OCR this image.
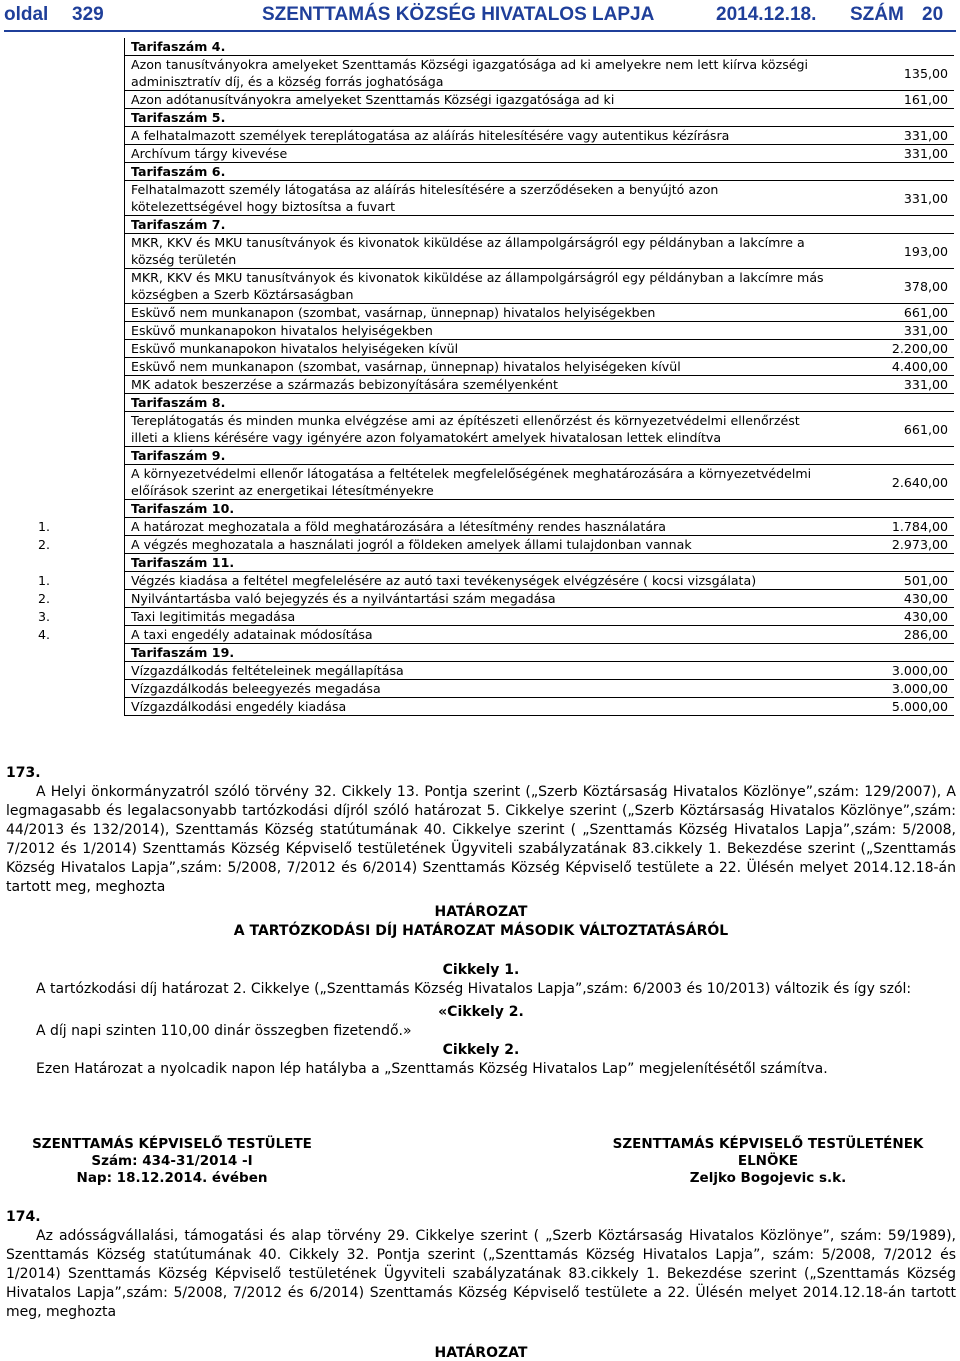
oldal 329	SZENTTAMÁS KÖZSÉG HIVATALOS LAPJA	2014.12.18. SZÁM 20
	Tarifaszám 4.	
	Azon tanusítványokra amelyeket Szenttamás Községi igazgatósága ad ki amelyekre nem lett kiírva községi adminisztratív díj, és a község forrás joghatósága	135,00
	Azon adótanusítványokra amelyeket Szenttamás Községi igazgatósága ad ki	161,00
	Tarifaszám 5.	
	A felhatalmazott személyek tereplátogatása az aláírás hitelesítésére vagy autentikus kézírásra	331,00
	Archívum tárgy kivevése	331,00
	Tarifaszám 6.	
	Felhatalmazott személy látogatása az aláírás hitelesítésére a szerződéseken a benyújtó azon kötelezettségével hogy biztosítsa a fuvart	331,00
	Tarifaszám 7.	
	MKR, KKV és MKU tanusítványok és kivonatok kiküldése az állampolgárságról egy példányban a lakcímre a község területén	193,00
	MKR, KKV és MKU tanusítványok és kivonatok kiküldése az állampolgárságról egy példányban a lakcímre más községben a Szerb Köztársaságban	378,00
	Esküvő nem munkanapon (szombat, vasárnap, ünnepnap) hivatalos helyiségekben	661,00
	Esküvő munkanapokon hivatalos helyiségekben	331,00
	Esküvő munkanapokon hivatalos helyiségeken kívül	2.200,00
	Esküvő nem munkanapon (szombat, vasárnap, ünnepnap) hivatalos helyiségeken kívül	4.400,00
	MK adatok beszerzése a származás bebizonyítására személyenként	331,00
	Tarifaszám 8.	
	Tereplátogatás és minden munka elvégzése ami az építészeti ellenőrzést és környezetvédelmi ellenőrzést illeti a kliens kérésére vagy igényére azon folyamatokért amelyek hivatalosan lettek elindítva	661,00
	Tarifaszám 9.	
	A környezetvédelmi ellenőr látogatása a feltételek megfelelőségének meghatározására a környezetvédelmi előírások szerint az energetikai létesítményekre	2.640,00
	Tarifaszám 10.	
1.	A határozat meghozatala a föld meghatározására a létesítmény rendes használatára	1.784,00
2.	A végzés meghozatala a használati jogról a földeken amelyek állami tulajdonban vannak	2.973,00
	Tarifaszám 11.	
1.	Végzés kiadása a feltétel megfelelésére az autó taxi tevékenységek elvégzésére ( kocsi vizsgálata)	501,00
2.	Nyilvántartásba való bejegyzés és a nyilvántartási szám megadása	430,00
3.	Taxi legitimitás megadása	430,00
4.	A taxi engedély adatainak módosítása	286,00
	Tarifaszám 19.	
	Vízgazdálkodás feltételeinek megállapítása	3.000,00
	Vízgazdálkodás beleegyezés megadása	3.000,00
	Vízgazdálkodási engedély kiadása	5.000,00
173.
A Helyi önkormányzatról szóló törvény 32. Cikkely 13. Pontja szerint („Szerb Köztársaság Hivatalos Közlönye”,szám: 129/2007), A legmagasabb és legalacsonyabb tartózkodási díjról szóló határozat 5. Cikkelye szerint („Szerb Köztársaság Hivatalos Közlönye”,szám: 44/2013 és 132/2014), Szenttamás Község statútumának 40. Cikkelye szerint ( „Szenttamás Község Hivatalos Lapja”,szám: 5/2008, 7/2012 és 1/2014) Szenttamás Község Képviselő testületének Ügyviteli szabályzatának 83.cikkely 1. Bekezdése szerint („Szenttamás Község Hivatalos Lapja”,szám: 5/2008, 7/2012 és 6/2014) Szenttamás Község Képviselő testülete a 22. Ülésén melyet 2014.12.18-án tartott meg, meghozta
HATÁROZAT
A TARTÓZKODÁSI DÍJ HATÁROZAT MÁSODIK VÁLTOZTATÁSÁRÓL
Cikkely 1.
A tartózkodási díj határozat 2. Cikkelye („Szenttamás Község Hivatalos Lapja”,szám: 6/2003 és 10/2013) változik és így szól:
«Cikkely 2.
A díj napi szinten 110,00 dinár összegben fizetendő.»
Cikkely 2.
Ezen Határozat a nyolcadik napon lép hatályba a „Szenttamás Község Hivatalos Lap” megjelenítésétől számítva.
SZENTTAMÁS KÉPVISELŐ TESTÜLETE
Szám: 434-31/2014 -I
Nap: 18.12.2014. évében
SZENTTAMÁS KÉPVISELŐ TESTÜLETÉNEK
ELNÖKE
Zeljko Bogojevic s.k.
174.
Az adósságvállalási, támogatási és alap törvény 29. Cikkelye szerint ( „Szerb Köztársaság Hivatalos Közlönye”, szám: 59/1989), Szenttamás Község statútumának 40. Cikkely 32. Pontja szerint („Szenttamás Község Hivatalos Lapja”, szám: 5/2008, 7/2012 és 1/2014) Szenttamás Község Képviselő testületének Ügyviteli szabályzatának 83.cikkely 1. Bekezdése szerint („Szenttamás Község Hivatalos Lapja”,szám: 5/2008, 7/2012 és 6/2014) Szenttamás Község Képviselő testülete a 22. Ülésén melyet 2014.12.18-án tartott meg, meghozta
HATÁROZAT
